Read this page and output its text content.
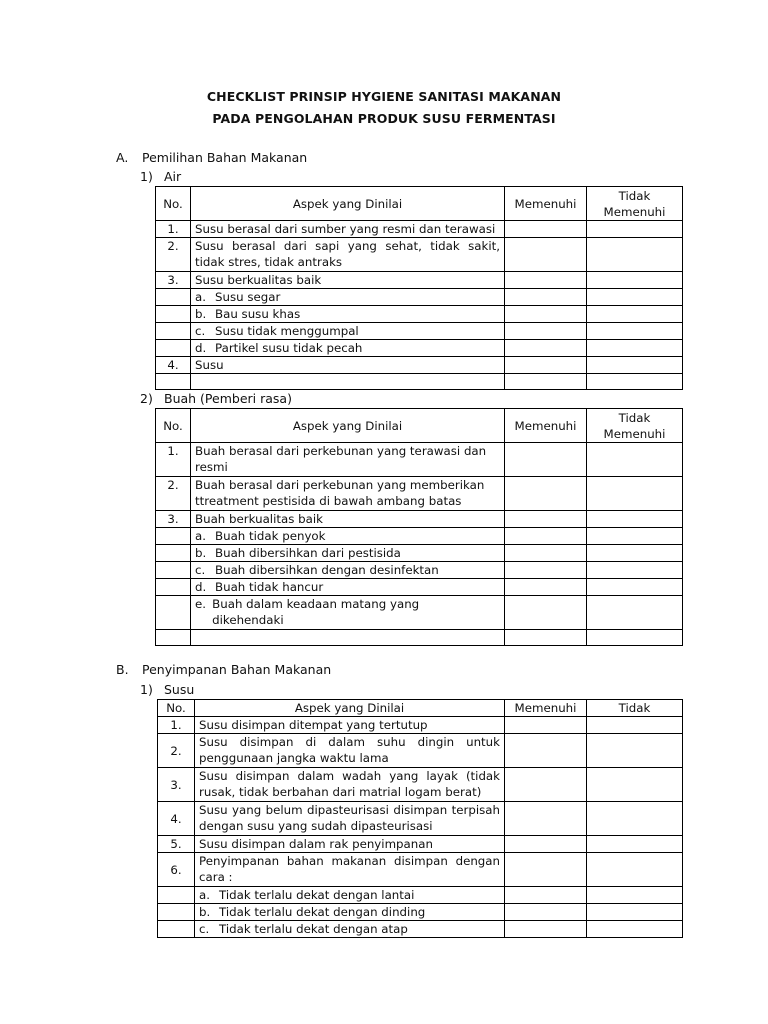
CHECKLIST PRINSIP HYGIENE SANITASI MAKANAN
PADA PENGOLAHAN PRODUK SUSU FERMENTASI
A. Pemilihan Bahan Makanan
1) Air
No.	Aspek yang Dinilai	Memenuhi	Tidak Memenuhi
1.	Susu berasal dari sumber yang resmi dan terawasi		
2.	Susu berasal dari sapi yang sehat, tidak sakit, tidak stres, tidak antraks		
3.	Susu berkualitas baik		
	a. Susu segar		
	b. Bau susu khas		
	c. Susu tidak menggumpal		
	d. Partikel susu tidak pecah		
4.	Susu		

2) Buah (Pemberi rasa)
No.	Aspek yang Dinilai	Memenuhi	Tidak Memenuhi
1.	Buah berasal dari perkebunan yang terawasi dan resmi		
2.	Buah berasal dari perkebunan yang memberikan ttreatment pestisida di bawah ambang batas		
3.	Buah berkualitas baik		
	a. Buah tidak penyok		
	b. Buah dibersihkan dari pestisida		
	c. Buah dibersihkan dengan desinfektan		
	d. Buah tidak hancur		

	e. Buah dalam keadaan matang yang dikehendaki		

B. Penyimpanan Bahan Makanan
1) Susu
No.	Aspek yang Dinilai	Memenuhi	Tidak
1.	Susu disimpan ditempat yang tertutup		
2.	Susu disimpan di dalam suhu dingin untuk penggunaan jangka waktu lama		
3.	Susu disimpan dalam wadah yang layak (tidak rusak, tidak berbahan dari matrial logam berat)		
4.	Susu yang belum dipasteurisasi disimpan terpisah dengan susu yang sudah dipasteurisasi		
5.	Susu disimpan dalam rak penyimpanan		
6.	Penyimpanan bahan makanan disimpan dengan cara :		
	a. Tidak terlalu dekat dengan lantai		
	b. Tidak terlalu dekat dengan dinding		
	c. Tidak terlalu dekat dengan atap		
